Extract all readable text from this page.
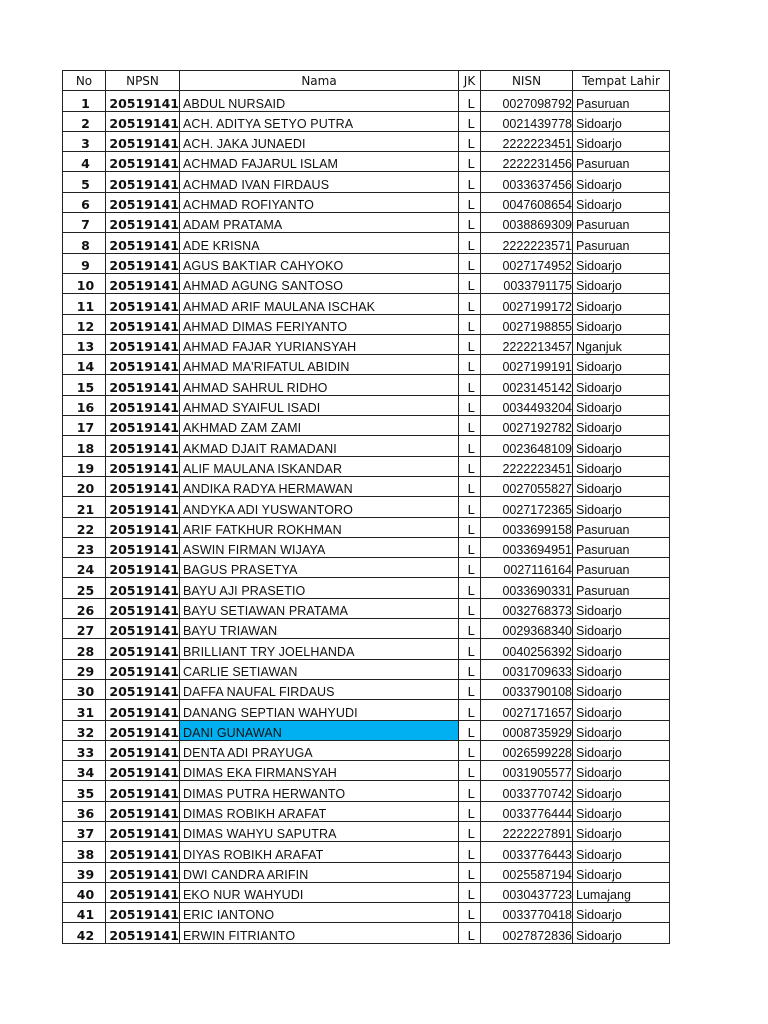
No	NPSN	Nama	JK	NISN	Tempat Lahir
1	20519141	ABDUL NURSAID	L	0027098792	Pasuruan
2	20519141	ACH. ADITYA SETYO PUTRA	L	0021439778	Sidoarjo
3	20519141	ACH. JAKA JUNAEDI	L	2222223451	Sidoarjo
4	20519141	ACHMAD FAJARUL ISLAM	L	2222231456	Pasuruan
5	20519141	ACHMAD IVAN FIRDAUS	L	0033637456	Sidoarjo
6	20519141	ACHMAD ROFIYANTO	L	0047608654	Sidoarjo
7	20519141	ADAM PRATAMA	L	0038869309	Pasuruan
8	20519141	ADE KRISNA	L	2222223571	Pasuruan
9	20519141	AGUS BAKTIAR CAHYOKO	L	0027174952	Sidoarjo
10	20519141	AHMAD AGUNG SANTOSO	L	0033791175	Sidoarjo
11	20519141	AHMAD ARIF MAULANA ISCHAK	L	0027199172	Sidoarjo
12	20519141	AHMAD DIMAS FERIYANTO	L	0027198855	Sidoarjo
13	20519141	AHMAD FAJAR YURIANSYAH	L	2222213457	Nganjuk
14	20519141	AHMAD MA'RIFATUL ABIDIN	L	0027199191	Sidoarjo
15	20519141	AHMAD SAHRUL RIDHO	L	0023145142	Sidoarjo
16	20519141	AHMAD SYAIFUL ISADI	L	0034493204	Sidoarjo
17	20519141	AKHMAD ZAM ZAMI	L	0027192782	Sidoarjo
18	20519141	AKMAD DJAIT RAMADANI	L	0023648109	Sidoarjo
19	20519141	ALIF MAULANA ISKANDAR	L	2222223451	Sidoarjo
20	20519141	ANDIKA RADYA HERMAWAN	L	0027055827	Sidoarjo
21	20519141	ANDYKA ADI YUSWANTORO	L	0027172365	Sidoarjo
22	20519141	ARIF FATKHUR ROKHMAN	L	0033699158	Pasuruan
23	20519141	ASWIN FIRMAN WIJAYA	L	0033694951	Pasuruan
24	20519141	BAGUS PRASETYA	L	0027116164	Pasuruan
25	20519141	BAYU AJI PRASETIO	L	0033690331	Pasuruan
26	20519141	BAYU SETIAWAN PRATAMA	L	0032768373	Sidoarjo
27	20519141	BAYU TRIAWAN	L	0029368340	Sidoarjo
28	20519141	BRILLIANT TRY JOELHANDA	L	0040256392	Sidoarjo
29	20519141	CARLIE SETIAWAN	L	0031709633	Sidoarjo
30	20519141	DAFFA NAUFAL FIRDAUS	L	0033790108	Sidoarjo
31	20519141	DANANG SEPTIAN WAHYUDI	L	0027171657	Sidoarjo
32	20519141	DANI GUNAWAN	L	0008735929	Sidoarjo
33	20519141	DENTA ADI PRAYUGA	L	0026599228	Sidoarjo
34	20519141	DIMAS EKA FIRMANSYAH	L	0031905577	Sidoarjo
35	20519141	DIMAS PUTRA HERWANTO	L	0033770742	Sidoarjo
36	20519141	DIMAS ROBIKH ARAFAT	L	0033776444	Sidoarjo
37	20519141	DIMAS WAHYU SAPUTRA	L	2222227891	Sidoarjo
38	20519141	DIYAS ROBIKH ARAFAT	L	0033776443	Sidoarjo
39	20519141	DWI CANDRA ARIFIN	L	0025587194	Sidoarjo
40	20519141	EKO NUR WAHYUDI	L	0030437723	Lumajang
41	20519141	ERIC IANTONO	L	0033770418	Sidoarjo
42	20519141	ERWIN FITRIANTO	L	0027872836	Sidoarjo
